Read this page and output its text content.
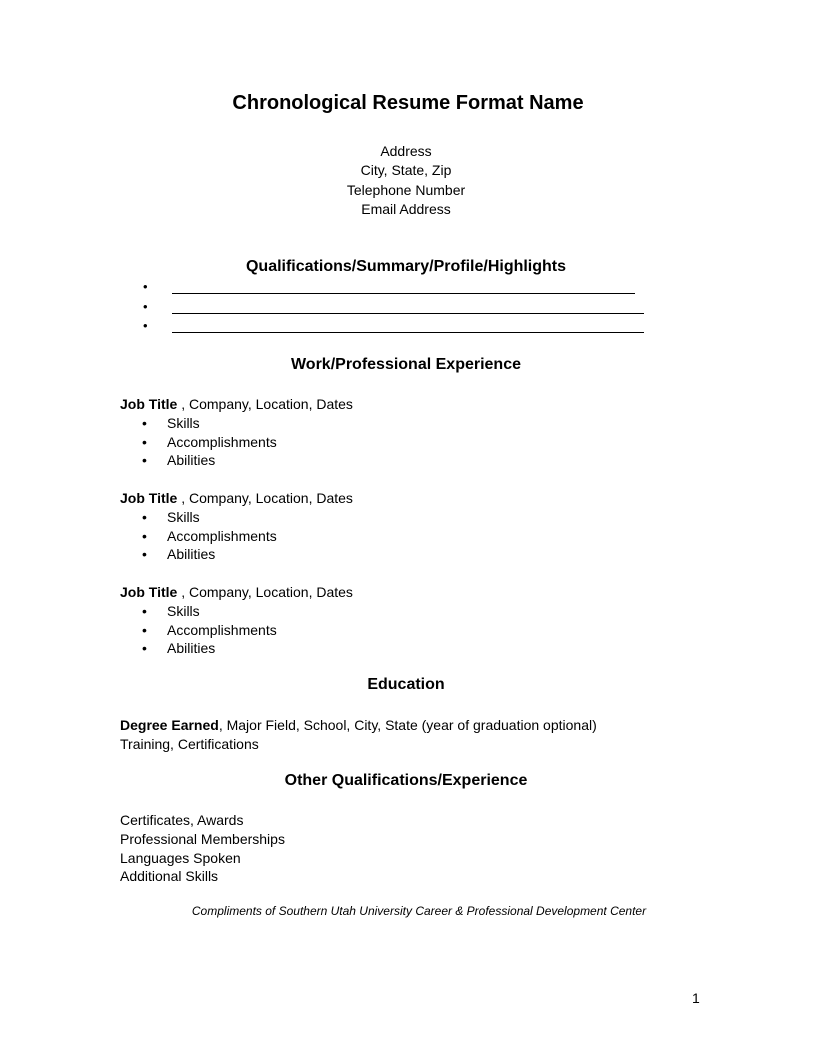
Chronological Resume Format Name
Address
City, State, Zip
Telephone Number
Email Address
Qualifications/Summary/Profile/Highlights
•
•
•
Work/Professional Experience
Job Title , Company, Location, Dates
• Skills
• Accomplishments
• Abilities
Job Title , Company, Location, Dates
• Skills
• Accomplishments
• Abilities
Job Title , Company, Location, Dates
• Skills
• Accomplishments
• Abilities
Education
Degree Earned, Major Field, School, City, State (year of graduation optional)
Training, Certifications
Other Qualifications/Experience
Certificates, Awards
Professional Memberships
Languages Spoken
Additional Skills
Compliments of Southern Utah University Career & Professional Development Center
1
